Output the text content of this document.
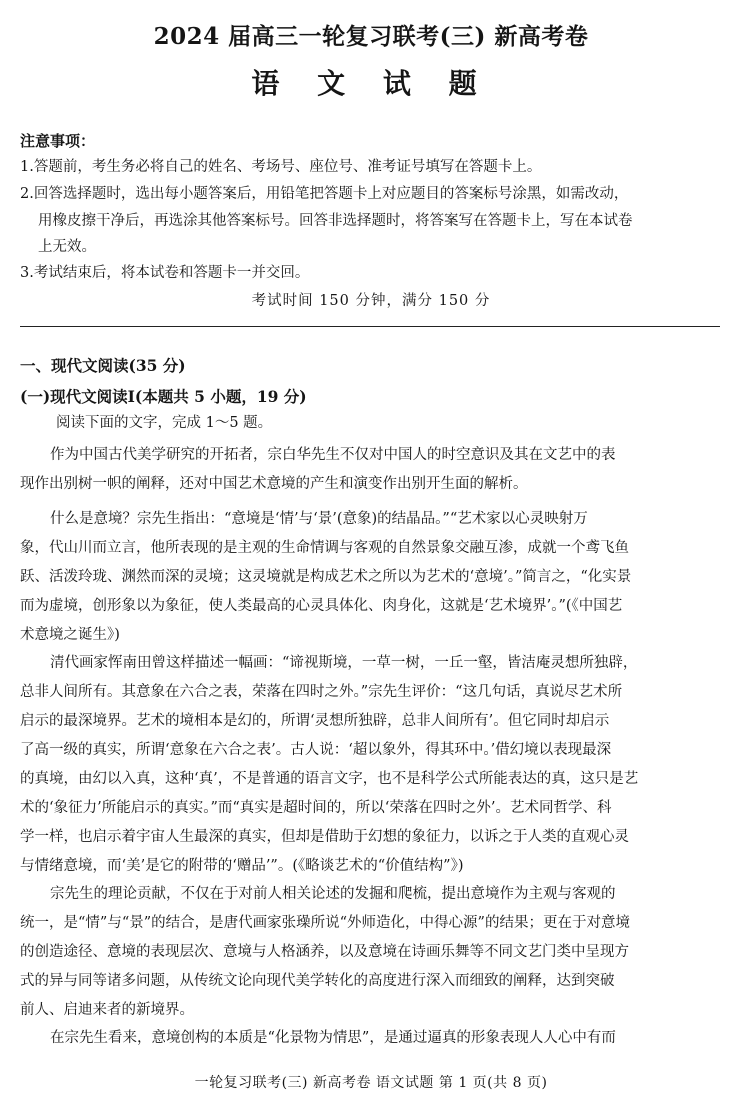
2024 届高三一轮复习联考(三) 新高考卷
语 文 试 题
注意事项：
1.答题前，考生务必将自己的姓名、考场号、座位号、准考证号填写在答题卡上。
2.回答选择题时，选出每小题答案后，用铅笔把答题卡上对应题目的答案标号涂黑，如需改动，
用橡皮擦干净后，再选涂其他答案标号。回答非选择题时，将答案写在答题卡上，写在本试卷
上无效。
3.考试结束后，将本试卷和答题卡一并交回。
考试时间 150 分钟，满分 150 分
一、现代文阅读(35 分)
(一)现代文阅读Ⅰ(本题共 5 小题，19 分)
阅读下面的文字，完成 1～5 题。
作为中国古代美学研究的开拓者，宗白华先生不仅对中国人的时空意识及其在文艺中的表
现作出别树一帜的阐释，还对中国艺术意境的产生和演变作出别开生面的解析。
什么是意境？宗先生指出：“意境是‘情’与‘景’(意象)的结晶品。”“艺术家以心灵映射万
象，代山川而立言，他所表现的是主观的生命情调与客观的自然景象交融互渗，成就一个鸢飞鱼
跃、活泼玲珑、渊然而深的灵境；这灵境就是构成艺术之所以为艺术的‘意境’。”简言之，“化实景
而为虚境，创形象以为象征，使人类最高的心灵具体化、肉身化，这就是‘艺术境界’。”(《中国艺
术意境之诞生》)
清代画家恽南田曾这样描述一幅画：“谛视斯境，一草一树，一丘一壑，皆洁庵灵想所独辟，
总非人间所有。其意象在六合之表，荣落在四时之外。”宗先生评价：“这几句话，真说尽艺术所
启示的最深境界。艺术的境相本是幻的，所谓‘灵想所独辟，总非人间所有’。但它同时却启示
了高一级的真实，所谓‘意象在六合之表’。古人说：‘超以象外，得其环中。’借幻境以表现最深
的真境，由幻以入真，这种‘真’，不是普通的语言文字，也不是科学公式所能表达的真，这只是艺
术的‘象征力’所能启示的真实。”而“真实是超时间的，所以‘荣落在四时之外’。艺术同哲学、科
学一样，也启示着宇宙人生最深的真实，但却是借助于幻想的象征力，以诉之于人类的直观心灵
与情绪意境，而‘美’是它的附带的‘赠品’”。(《略谈艺术的“价值结构”》)
宗先生的理论贡献，不仅在于对前人相关论述的发掘和爬梳，提出意境作为主观与客观的
统一，是“情”与“景”的结合，是唐代画家张璪所说“外师造化，中得心源”的结果；更在于对意境
的创造途径、意境的表现层次、意境与人格涵养，以及意境在诗画乐舞等不同文艺门类中呈现方
式的异与同等诸多问题，从传统文论向现代美学转化的高度进行深入而细致的阐释，达到突破
前人、启迪来者的新境界。
在宗先生看来，意境创构的本质是“化景物为情思”，是通过逼真的形象表现人人心中有而
一轮复习联考(三) 新高考卷 语文试题 第 1 页(共 8 页)
